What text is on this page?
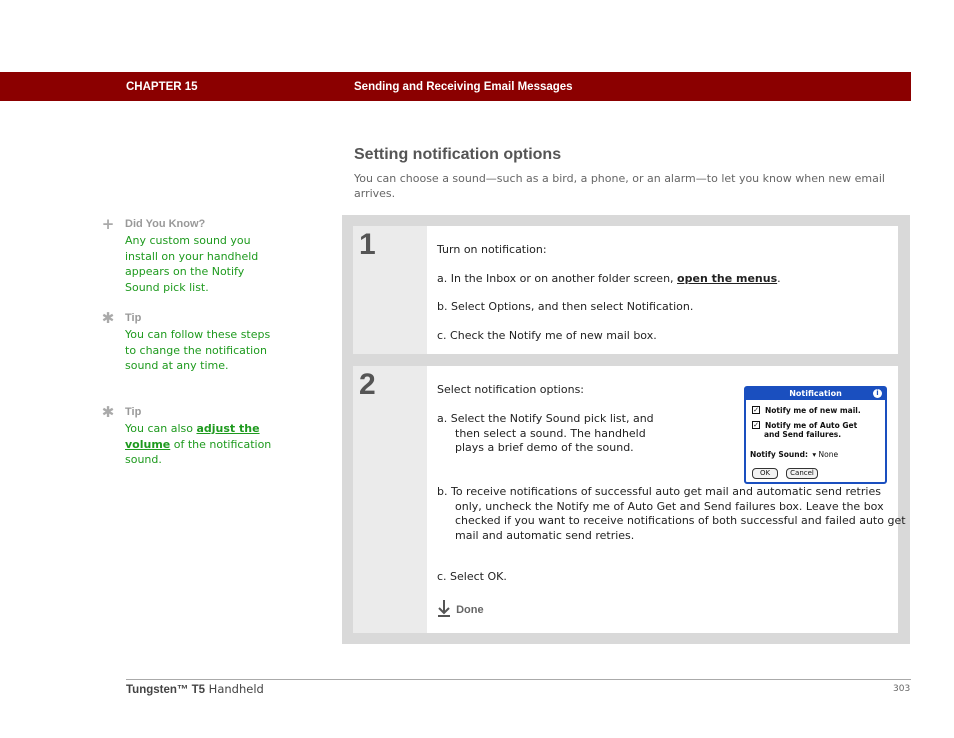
CHAPTER 15	Sending and Receiving Email Messages
Setting notification options
You can choose a sound—such as a bird, a phone, or an alarm—to let you know when new email arrives.
+ Did You Know?
Any custom sound you install on your handheld appears on the Notify Sound pick list.
✱ Tip
You can follow these steps to change the notification sound at any time.
✱ Tip
You can also adjust the volume of the notification sound.
1	Turn on notification:

a. In the Inbox or on another folder screen, open the menus.

b. Select Options, and then select Notification.

c. Check the Notify me of new mail box.

2	Select notification options:

a. Select the Notify Sound pick list, and then select a sound. The handheld plays a brief demo of the sound.

b. To receive notifications of successful auto get mail and automatic send retries only, uncheck the Notify me of Auto Get and Send failures box. Leave the box checked if you want to receive notifications of both successful and failed auto get mail and automatic send retries.

c. Select OK.

Notification	i
✓ Notify me of new mail.
✓ Notify me of Auto Get
and Send failures.
Notify Sound: ▾ None
OK	Cancel
Done
Tungsten™ T5 Handheld	303
